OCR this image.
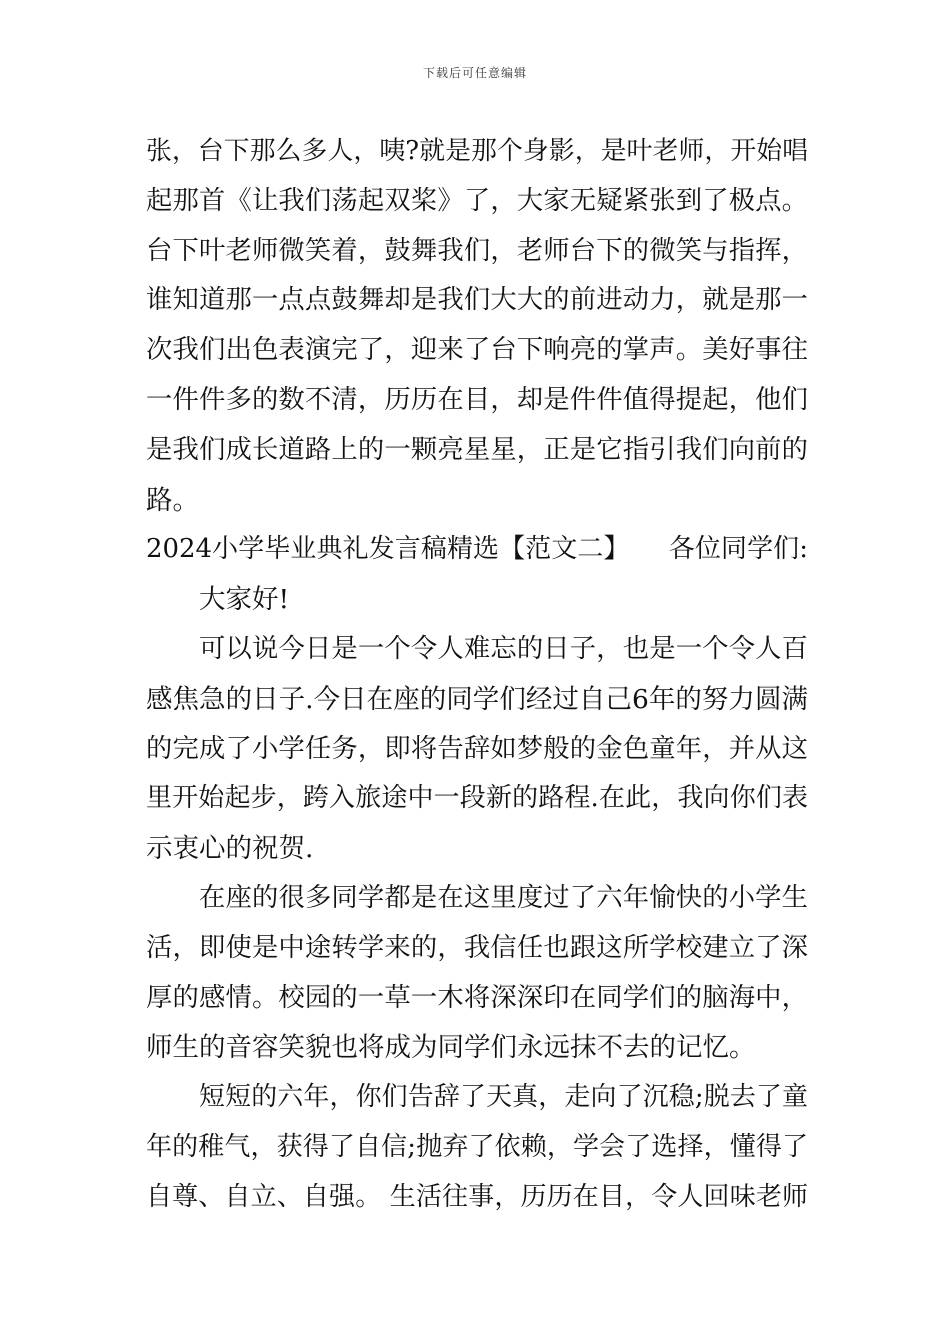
下载后可任意编辑
张，台下那么多人，咦?就是那个身影，是叶老师，开始唱
起那首《让我们荡起双桨》了，大家无疑紧张到了极点。
台下叶老师微笑着，鼓舞我们，老师台下的微笑与指挥，
谁知道那一点点鼓舞却是我们大大的前进动力，就是那一
次我们出色表演完了，迎来了台下响亮的掌声。美好事往
一件件多的数不清，历历在目，却是件件值得提起，他们
是我们成长道路上的一颗亮星星，正是它指引我们向前的
路。
2024小学毕业典礼发言稿精选【范文二】　　各位同学们:
大家好!
可以说今日是一个令人难忘的日子，也是一个令人百
感焦急的日子.今日在座的同学们经过自己6年的努力圆满
的完成了小学任务，即将告辞如梦般的金色童年，并从这
里开始起步，跨入旅途中一段新的路程.在此，我向你们表
示衷心的祝贺.
在座的很多同学都是在这里度过了六年愉快的小学生
活，即使是中途转学来的，我信任也跟这所学校建立了深
厚的感情。校园的一草一木将深深印在同学们的脑海中，
师生的音容笑貌也将成为同学们永远抹不去的记忆。
短短的六年，你们告辞了天真，走向了沉稳;脱去了童
年的稚气，获得了自信;抛弃了依赖，学会了选择，懂得了
自尊、自立、自强。 生活往事，历历在目，令人回味老师
